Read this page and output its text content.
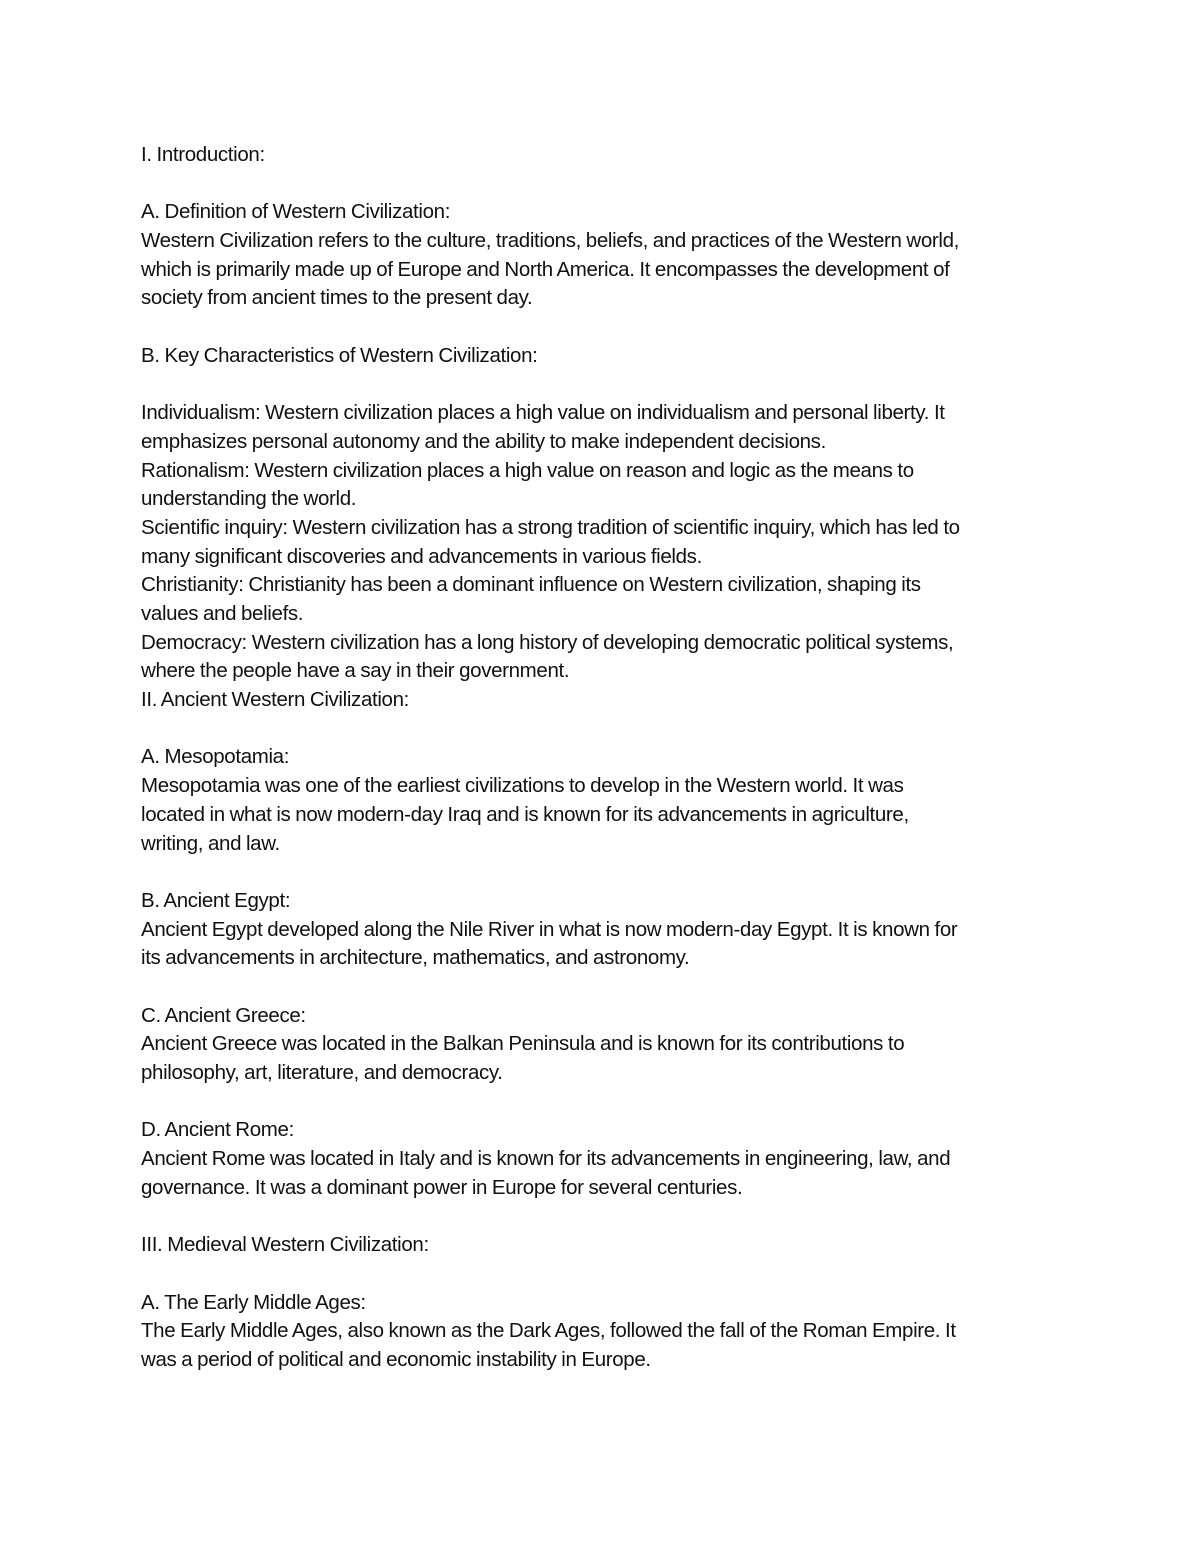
I. Introduction:
A. Definition of Western Civilization:
Western Civilization refers to the culture, traditions, beliefs, and practices of the Western world,
which is primarily made up of Europe and North America. It encompasses the development of
society from ancient times to the present day.
B. Key Characteristics of Western Civilization:
Individualism: Western civilization places a high value on individualism and personal liberty. It
emphasizes personal autonomy and the ability to make independent decisions.
Rationalism: Western civilization places a high value on reason and logic as the means to
understanding the world.
Scientific inquiry: Western civilization has a strong tradition of scientific inquiry, which has led to
many significant discoveries and advancements in various fields.
Christianity: Christianity has been a dominant influence on Western civilization, shaping its
values and beliefs.
Democracy: Western civilization has a long history of developing democratic political systems,
where the people have a say in their government.
II. Ancient Western Civilization:
A. Mesopotamia:
Mesopotamia was one of the earliest civilizations to develop in the Western world. It was
located in what is now modern-day Iraq and is known for its advancements in agriculture,
writing, and law.
B. Ancient Egypt:
Ancient Egypt developed along the Nile River in what is now modern-day Egypt. It is known for
its advancements in architecture, mathematics, and astronomy.
C. Ancient Greece:
Ancient Greece was located in the Balkan Peninsula and is known for its contributions to
philosophy, art, literature, and democracy.
D. Ancient Rome:
Ancient Rome was located in Italy and is known for its advancements in engineering, law, and
governance. It was a dominant power in Europe for several centuries.
III. Medieval Western Civilization:
A. The Early Middle Ages:
The Early Middle Ages, also known as the Dark Ages, followed the fall of the Roman Empire. It
was a period of political and economic instability in Europe.
